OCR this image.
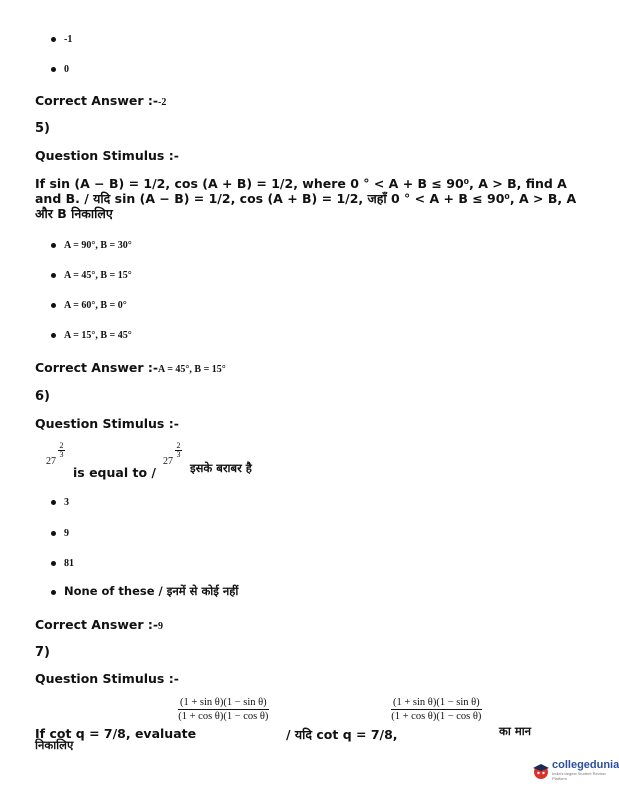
-1
0
Correct Answer :--2
5)
Question Stimulus :-
If sin (A − B) = 1/2, cos (A + B) = 1/2, where 0 ° < A + B ≤ 90⁰, A > B, find A
and B. / यदि sin (A − B) = 1/2, cos (A + B) = 1/2, जहाँ 0 ° < A + B ≤ 90⁰, A > B, A
और B निकालिए
A = 90°, B = 30°
A = 45°, B = 15°
A = 60°, B = 0°
A = 15°, B = 45°
Correct Answer :-A = 45°, B = 15°
6)
Question Stimulus :-
2
3
27
is equal to /
2
3
27 इसके बराबर है
3
9
81
None of these / इनमें से कोई नहीं
Correct Answer :-9
7)
Question Stimulus :-
If cot q = 7/8, evaluate
$\frac{\text{(1 + sin θ)(1 − sin θ)}}{\text{(1 + cos θ)(1 − cos θ)}}$
/ यदि cot q = 7/8,
$\frac{\text{(1 + sin θ)(1 − sin θ)}}{\text{(1 + cos θ)(1 − cos θ)}}$
का मान
निकालिए
collegedunia
India's largest Student Review Platform
